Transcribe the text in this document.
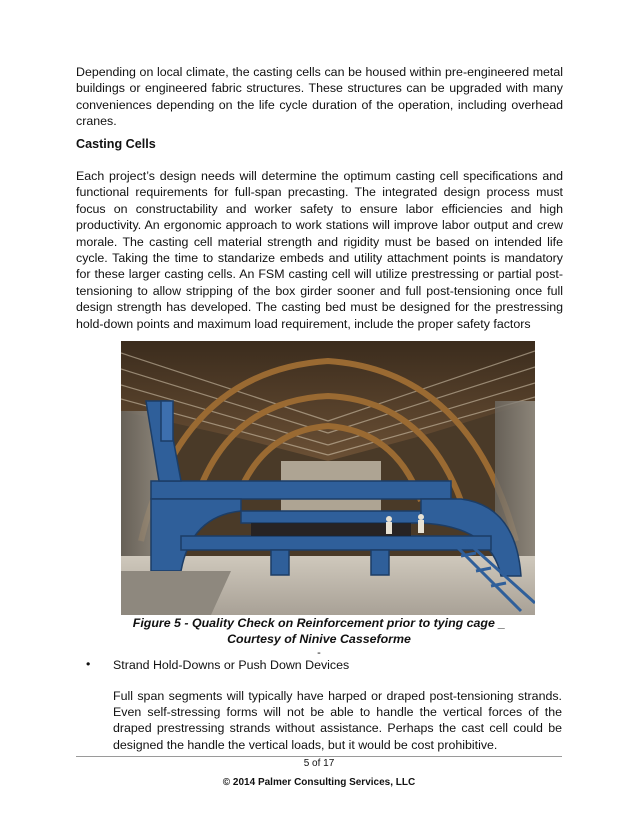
Depending on local climate, the casting cells can be housed within pre-engineered metal buildings or engineered fabric structures. These structures can be upgraded with many conveniences depending on the life cycle duration of the operation, including overhead cranes.

Casting Cells

Each project’s design needs will determine the optimum casting cell specifications and functional requirements for full-span precasting. The integrated design process must focus on constructability and worker safety to ensure labor efficiencies and high productivity. An ergonomic approach to work stations will improve labor output and crew morale. The casting cell material strength and rigidity must be based on intended life cycle. Taking the time to standarize embeds and utility attachment points is mandatory for these larger casting cells. An FSM casting cell will utilize prestressing or partial post-tensioning to allow stripping of the box girder sooner and full post-tensioning once full design strength has developed. The casting bed must be designed for the prestressing hold-down points and maximum load requirement, include the proper safety factors

Figure 5 - Quality Check on Reinforcement prior to tying cage _

Courtesy of Ninive Casseforme

-

• Strand Hold-Downs or Push Down Devices

Full span segments will typically have harped or draped post-tensioning strands. Even self-stressing forms will not be able to handle the vertical forces of the draped prestressing strands without assistance. Perhaps the cast cell could be designed the handle the vertical loads, but it would be cost prohibitive.

5 of 17
© 2014 Palmer Consulting Services, LLC
